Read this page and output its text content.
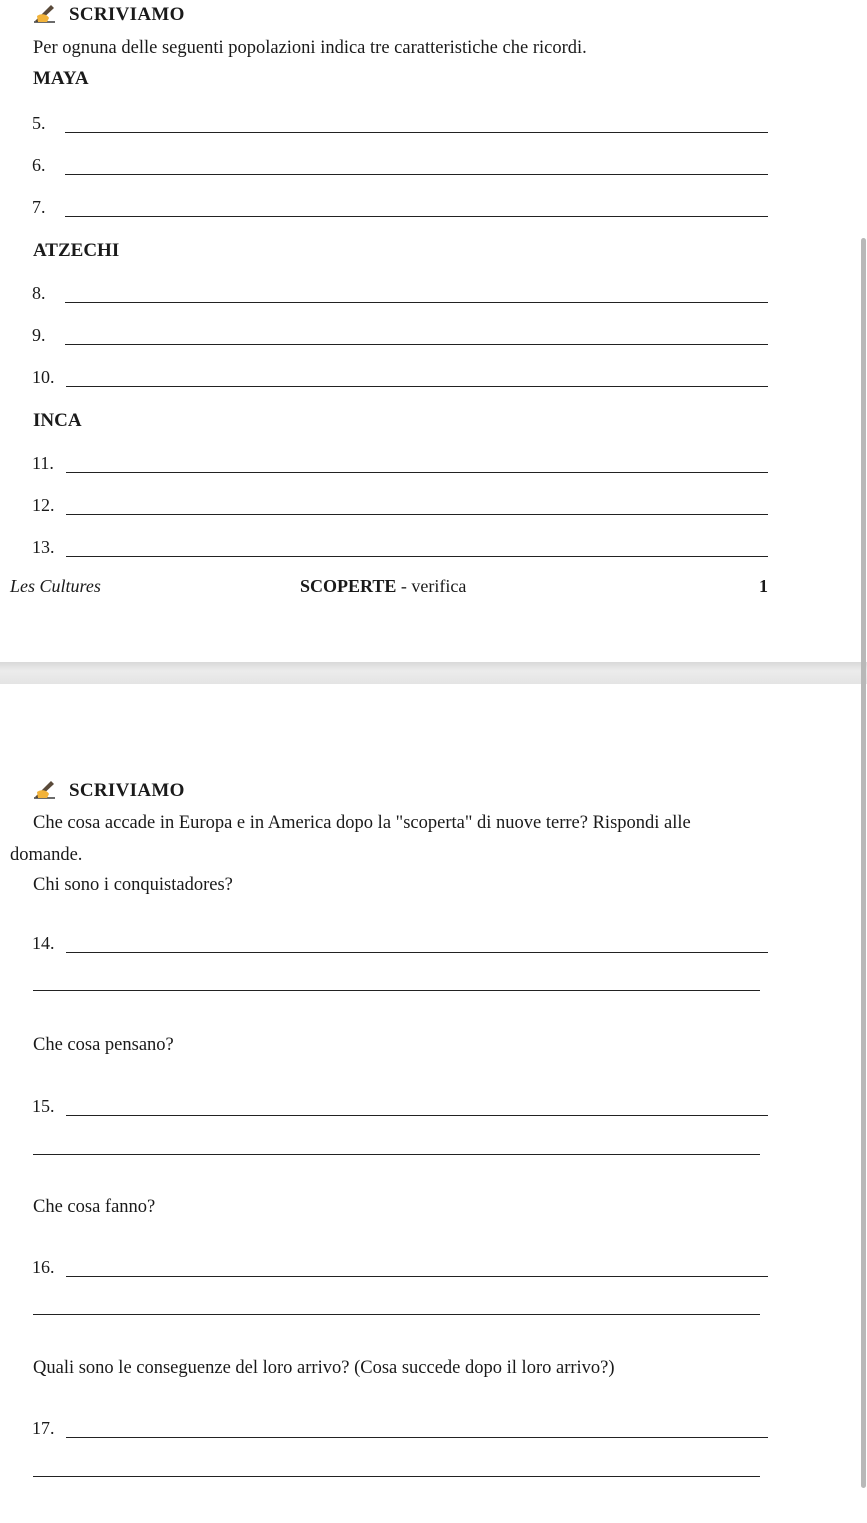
SCRIVIAMO
Per ognuna delle seguenti popolazioni indica tre caratteristiche che ricordi.
MAYA
5.
6.
7.
ATZECHI
8.
9.
10.
INCA
11.
12.
13.
Les Cultures	SCOPERTE - verifica	1
SCRIVIAMO
Che cosa accade in Europa e in America dopo la "scoperta" di nuove terre? Rispondi alle
domande.
Chi sono i conquistadores?
14.
Che cosa pensano?
15.
Che cosa fanno?
16.
Quali sono le conseguenze del loro arrivo? (Cosa succede dopo il loro arrivo?)
17.
